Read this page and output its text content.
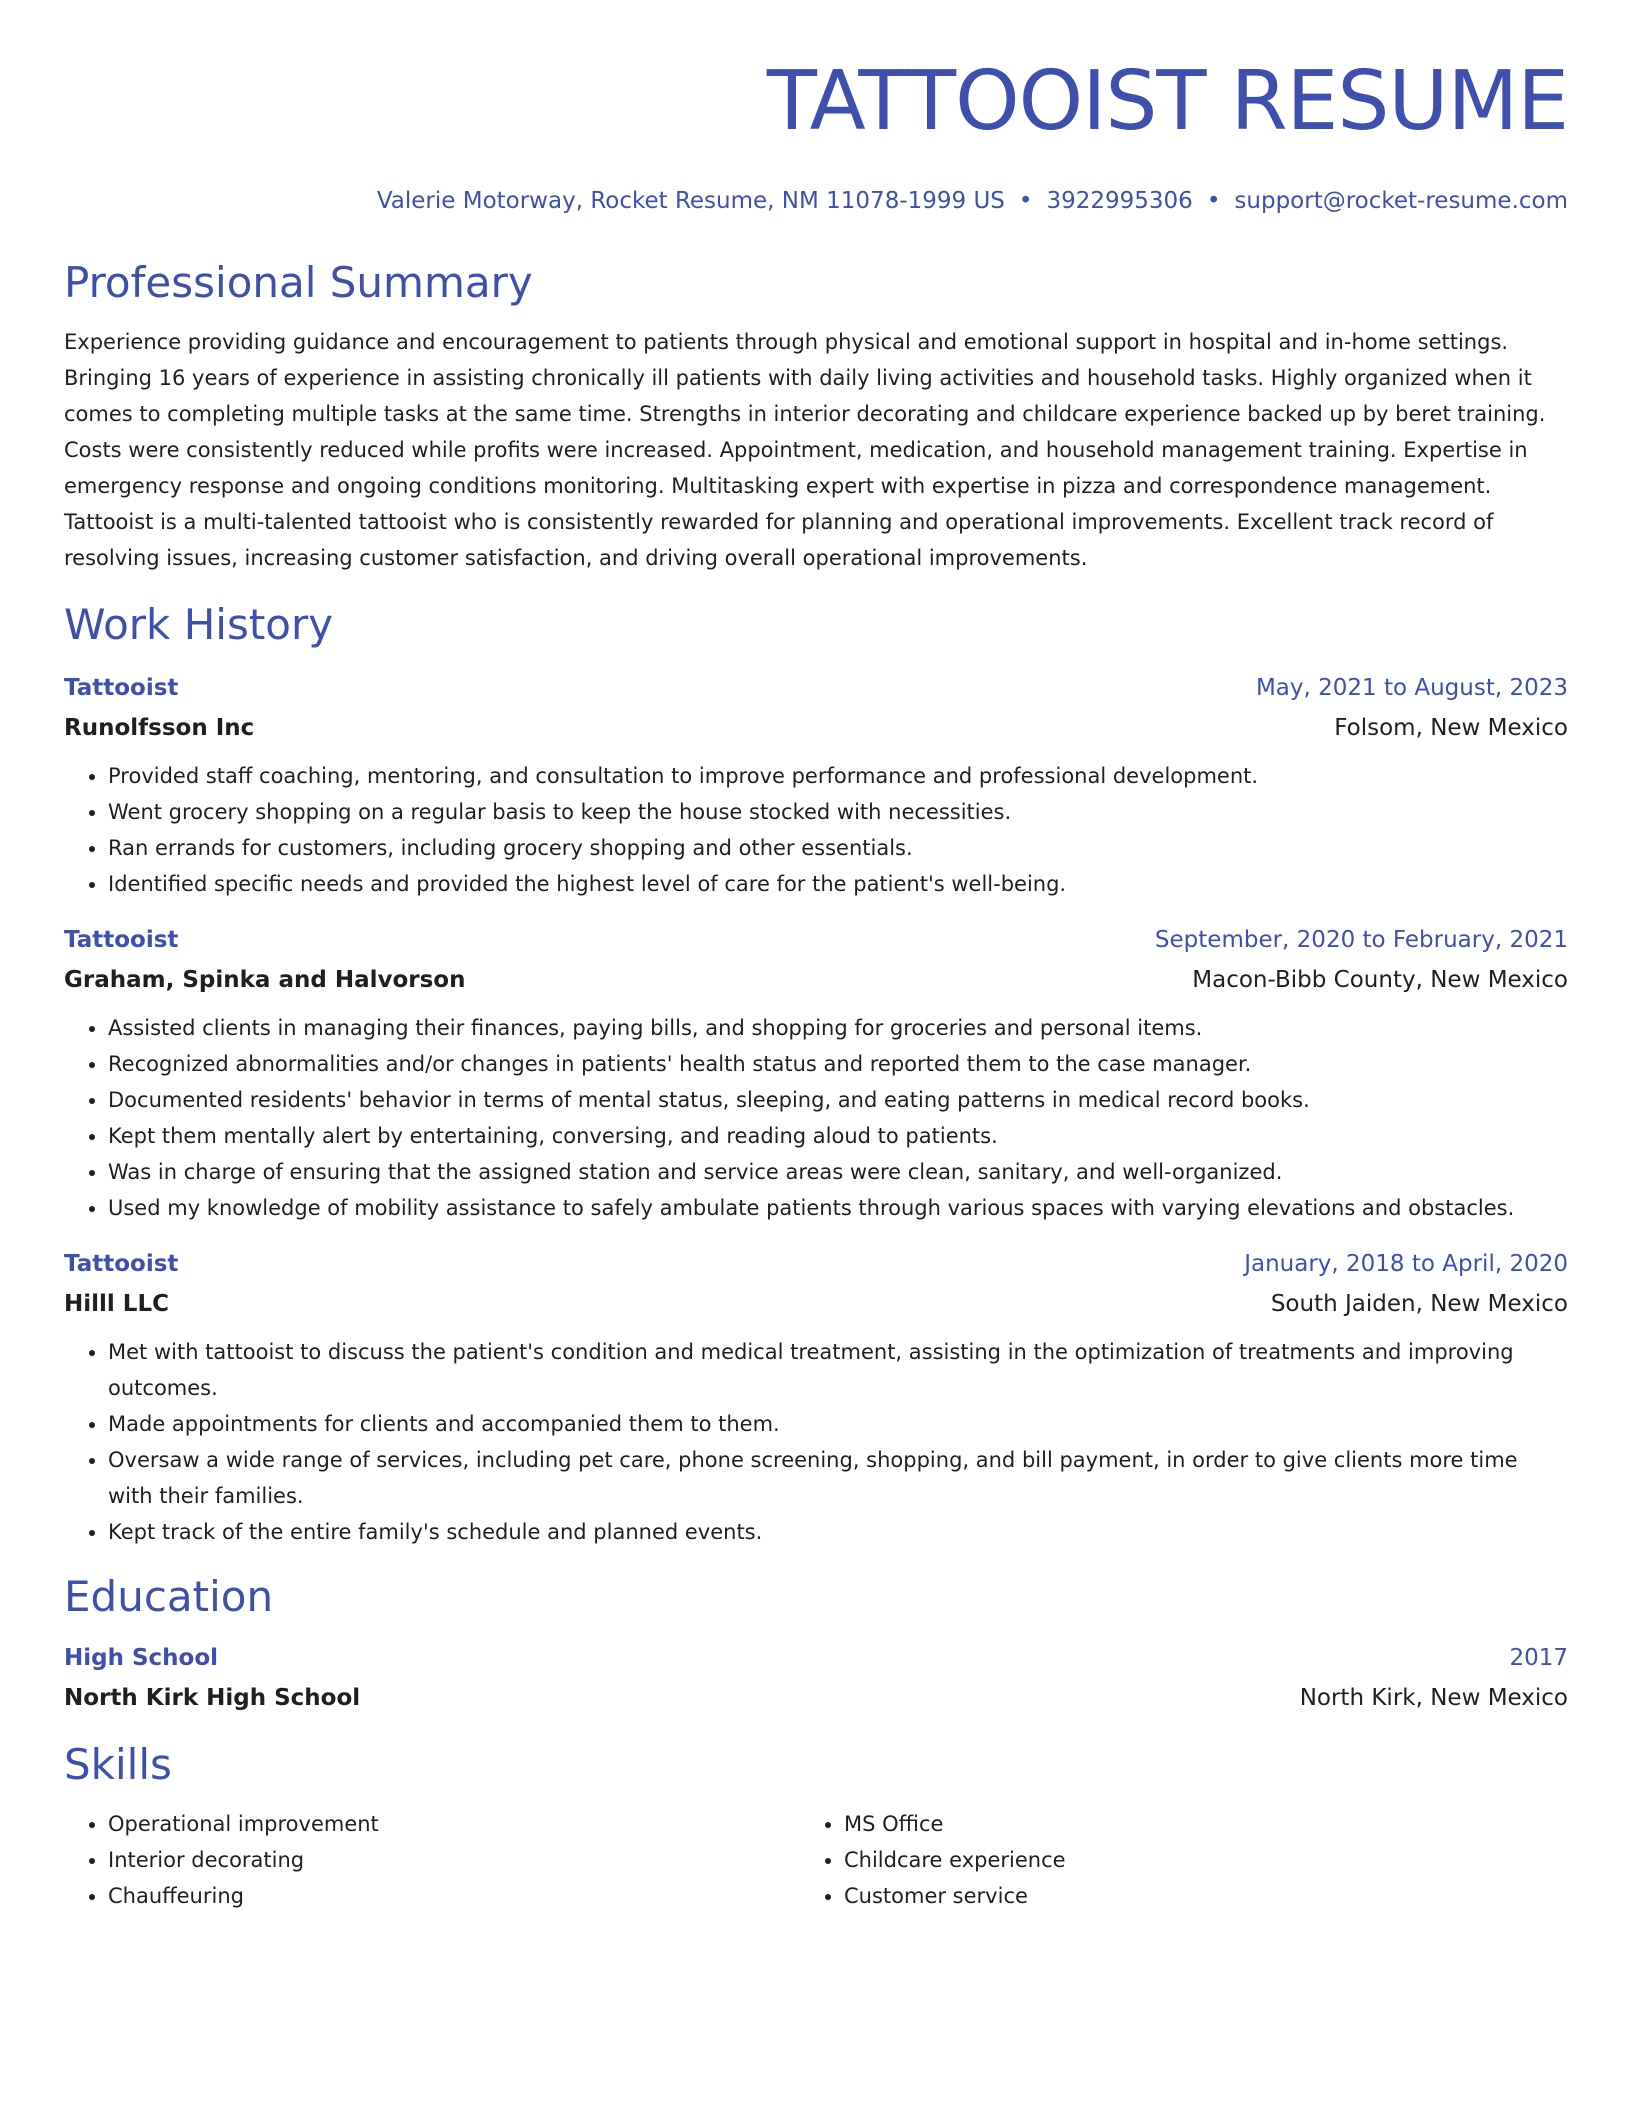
TATTOOIST RESUME
Valerie Motorway, Rocket Resume, NM 11078-1999 US • 3922995306 • support@rocket-resume.com
Professional Summary
Experience providing guidance and encouragement to patients through physical and emotional support in hospital and in-home settings. Bringing 16 years of experience in assisting chronically ill patients with daily living activities and household tasks. Highly organized when it comes to completing multiple tasks at the same time. Strengths in interior decorating and childcare experience backed up by beret training. Costs were consistently reduced while profits were increased. Appointment, medication, and household management training. Expertise in emergency response and ongoing conditions monitoring. Multitasking expert with expertise in pizza and correspondence management. Tattooist is a multi-talented tattooist who is consistently rewarded for planning and operational improvements. Excellent track record of resolving issues, increasing customer satisfaction, and driving overall operational improvements.
Work History
Tattooist	May, 2021 to August, 2023
Runolfsson Inc	Folsom, New Mexico
• Provided staff coaching, mentoring, and consultation to improve performance and professional development.
• Went grocery shopping on a regular basis to keep the house stocked with necessities.
• Ran errands for customers, including grocery shopping and other essentials.
• Identified specific needs and provided the highest level of care for the patient's well-being.
Tattooist	September, 2020 to February, 2021
Graham, Spinka and Halvorson	Macon-Bibb County, New Mexico
• Assisted clients in managing their finances, paying bills, and shopping for groceries and personal items.
• Recognized abnormalities and/or changes in patients' health status and reported them to the case manager.
• Documented residents' behavior in terms of mental status, sleeping, and eating patterns in medical record books.
• Kept them mentally alert by entertaining, conversing, and reading aloud to patients.
• Was in charge of ensuring that the assigned station and service areas were clean, sanitary, and well-organized.
• Used my knowledge of mobility assistance to safely ambulate patients through various spaces with varying elevations and obstacles.
Tattooist	January, 2018 to April, 2020
Hilll LLC	South Jaiden, New Mexico
• Met with tattooist to discuss the patient's condition and medical treatment, assisting in the optimization of treatments and improving outcomes.
• Made appointments for clients and accompanied them to them.
• Oversaw a wide range of services, including pet care, phone screening, shopping, and bill payment, in order to give clients more time with their families.
• Kept track of the entire family's schedule and planned events.
Education
High School	2017
North Kirk High School	North Kirk, New Mexico
Skills
• Operational improvement
• Interior decorating
• Chauffeuring
• MS Office
• Childcare experience
• Customer service
